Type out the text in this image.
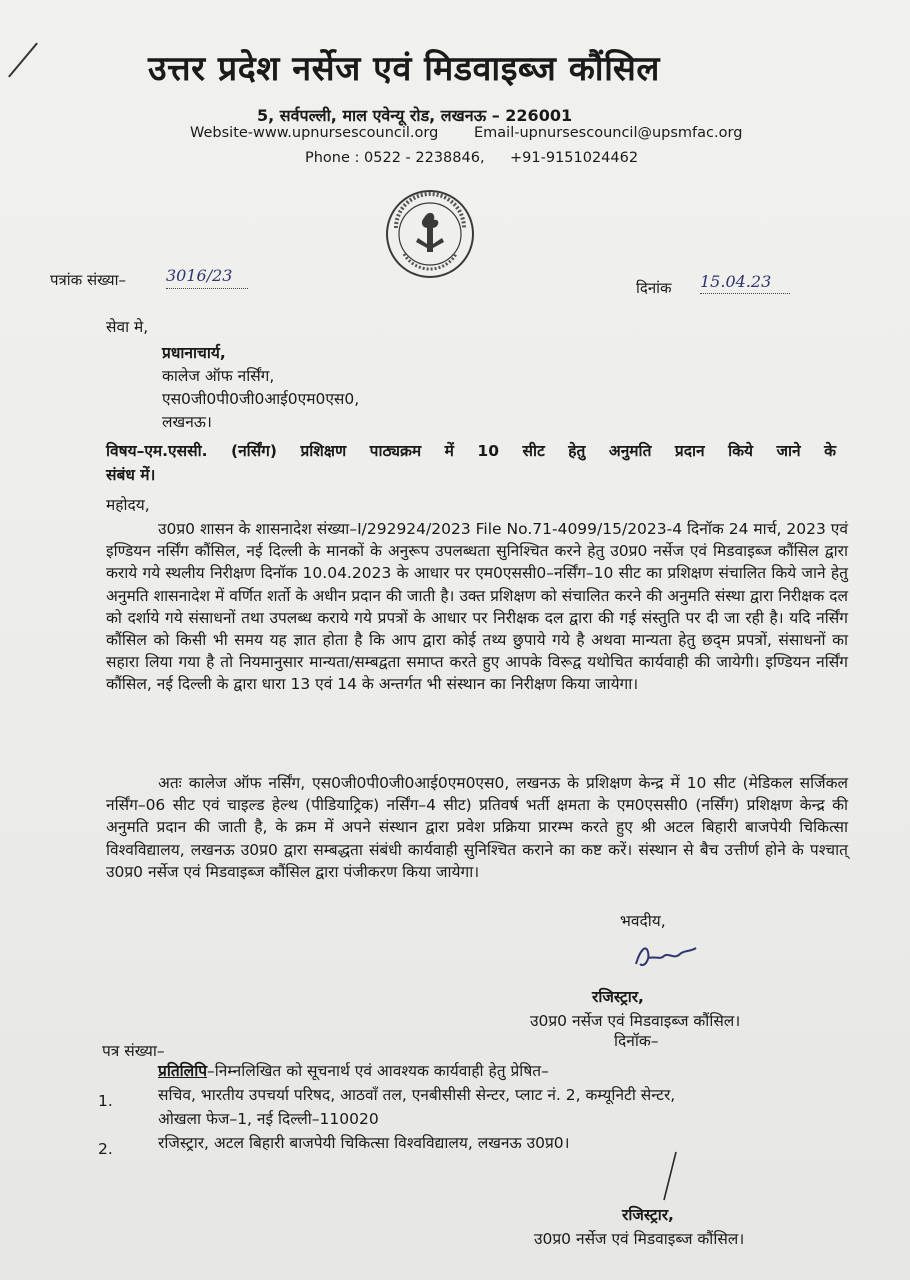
उत्तर प्रदेश नर्सेज एवं मिडवाइब्ज कौंसिल
5, सर्वपल्ली, माल एवेन्यू रोड, लखनऊ – 226001
Website-www.upnursescouncil.org Email-upnursescouncil@upsmfac.org
Phone : 0522 - 2238846, +91-9151024462
पत्रांक संख्या–	3016/23
दिनांक 15.04.23
सेवा मे,
प्रधानाचार्य,
कालेज ऑफ नर्सिंग,
एस0जी0पी0जी0आई0एम0एस0,
लखनऊ।
विषय–एम.एससी. (नर्सिंग) प्रशिक्षण पाठ्यक्रम में 10 सीट हेतु अनुमति प्रदान किये जाने के
संबंध में।
महोदय,
उ0प्र0 शासन के शासनादेश संख्या–I/292924/2023 File No.71-4099/15/2023-4 दिनॉक 24 मार्च, 2023 एवं इण्डियन नर्सिंग कौंसिल, नई दिल्ली के मानकों के अनुरूप उपलब्धता सुनिश्चित करने हेतु उ0प्र0 नर्सेज एवं मिडवाइब्ज कौंसिल द्वारा कराये गये स्थलीय निरीक्षण दिनॉक 10.04.2023 के आधार पर एम0एससी0–नर्सिंग–10 सीट का प्रशिक्षण संचालित किये जाने हेतु अनुमति शासनादेश में वर्णित शर्तो के अधीन प्रदान की जाती है। उक्त प्रशिक्षण को संचालित करने की अनुमति संस्था द्वारा निरीक्षक दल को दर्शाये गये संसाधनों तथा उपलब्ध कराये गये प्रपत्रों के आधार पर निरीक्षक दल द्वारा की गई संस्तुति पर दी जा रही है। यदि नर्सिंग कौंसिल को किसी भी समय यह ज्ञात होता है कि आप द्वारा कोई तथ्य छुपाये गये है अथवा मान्यता हेतु छद्‌म प्रपत्रों, संसाधनों का सहारा लिया गया है तो नियमानुसार मान्यता/सम्बद्वता समाप्त करते हुए आपके विरूद्व यथोचित कार्यवाही की जायेगी। इण्डियन नर्सिंग कौंसिल, नई दिल्ली के द्वारा धारा 13 एवं 14 के अन्तर्गत भी संस्थान का निरीक्षण किया जायेगा।
अतः कालेज ऑफ नर्सिंग, एस0जी0पी0जी0आई0एम0एस0, लखनऊ के प्रशिक्षण केन्द्र में 10 सीट (मेडिकल सर्जिकल नर्सिंग–06 सीट एवं चाइल्ड हेल्थ (पीडियाट्रिक) नर्सिंग–4 सीट) प्रतिवर्ष भर्ती क्षमता के एम0एससी0 (नर्सिंग) प्रशिक्षण केन्द्र की अनुमति प्रदान की जाती है, के क्रम में अपने संस्थान द्वारा प्रवेश प्रक्रिया प्रारम्भ करते हुए श्री अटल बिहारी बाजपेयी चिकित्सा विश्वविद्यालय, लखनऊ उ0प्र0 द्वारा सम्बद्धता संबंधी कार्यवाही सुनिश्चित कराने का कष्ट करें। संस्थान से बैच उत्तीर्ण होने के पश्चात् उ0प्र0 नर्सेज एवं मिडवाइब्ज कौंसिल द्वारा पंजीकरण किया जायेगा।
भवदीय,
रजिस्ट्रार,
उ0प्र0 नर्सेज एवं मिडवाइब्ज कौंसिल।
पत्र संख्या–
दिनॉक–
प्रतिलिपि–निम्नलिखित को सूचनार्थ एवं आवश्यक कार्यवाही हेतु प्रेषित–
1.	सचिव, भारतीय उपचर्या परिषद, आठवॉं तल, एनबीसीसी सेन्टर, प्लाट नं. 2, कम्यूनिटी सेन्टर,
ओखला फेज–1, नई दिल्ली–110020
2.	रजिस्ट्रार, अटल बिहारी बाजपेयी चिकित्सा विश्वविद्यालय, लखनऊ उ0प्र0।
रजिस्ट्रार,
उ0प्र0 नर्सेज एवं मिडवाइब्ज कौंसिल।
